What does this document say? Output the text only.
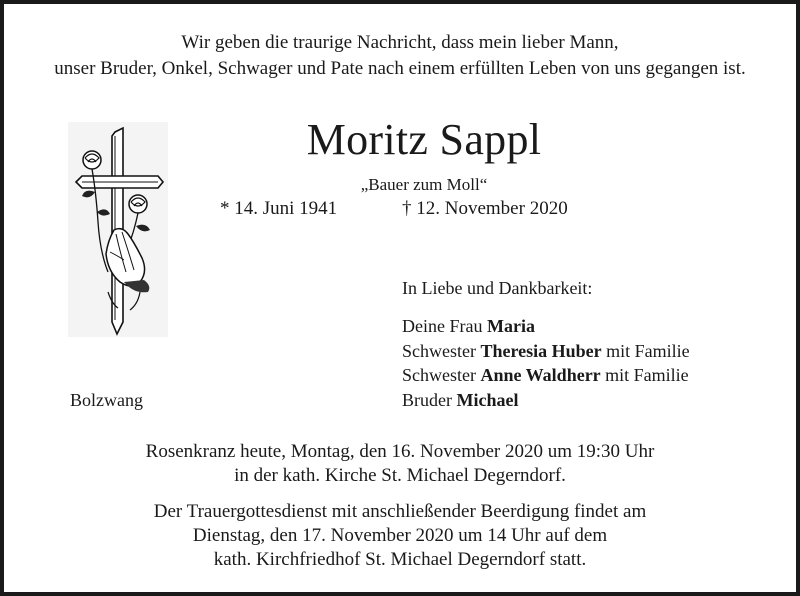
Wir geben die traurige Nachricht, dass mein lieber Mann,
unser Bruder, Onkel, Schwager und Pate nach einem erfüllten Leben von uns gegangen ist.
Moritz Sappl
„Bauer zum Moll“
* 14. Juni 1941	† 12. November 2020
Bolzwang
In Liebe und Dankbarkeit:
Deine Frau Maria
Schwester Theresia Huber mit Familie
Schwester Anne Waldherr mit Familie
Bruder Michael
Rosenkranz heute, Montag, den 16. November 2020 um 19:30 Uhr
in der kath. Kirche St. Michael Degerndorf.
Der Trauergottesdienst mit anschließender Beerdigung findet am
Dienstag, den 17. November 2020 um 14 Uhr auf dem
kath. Kirchfriedhof St. Michael Degerndorf statt.
